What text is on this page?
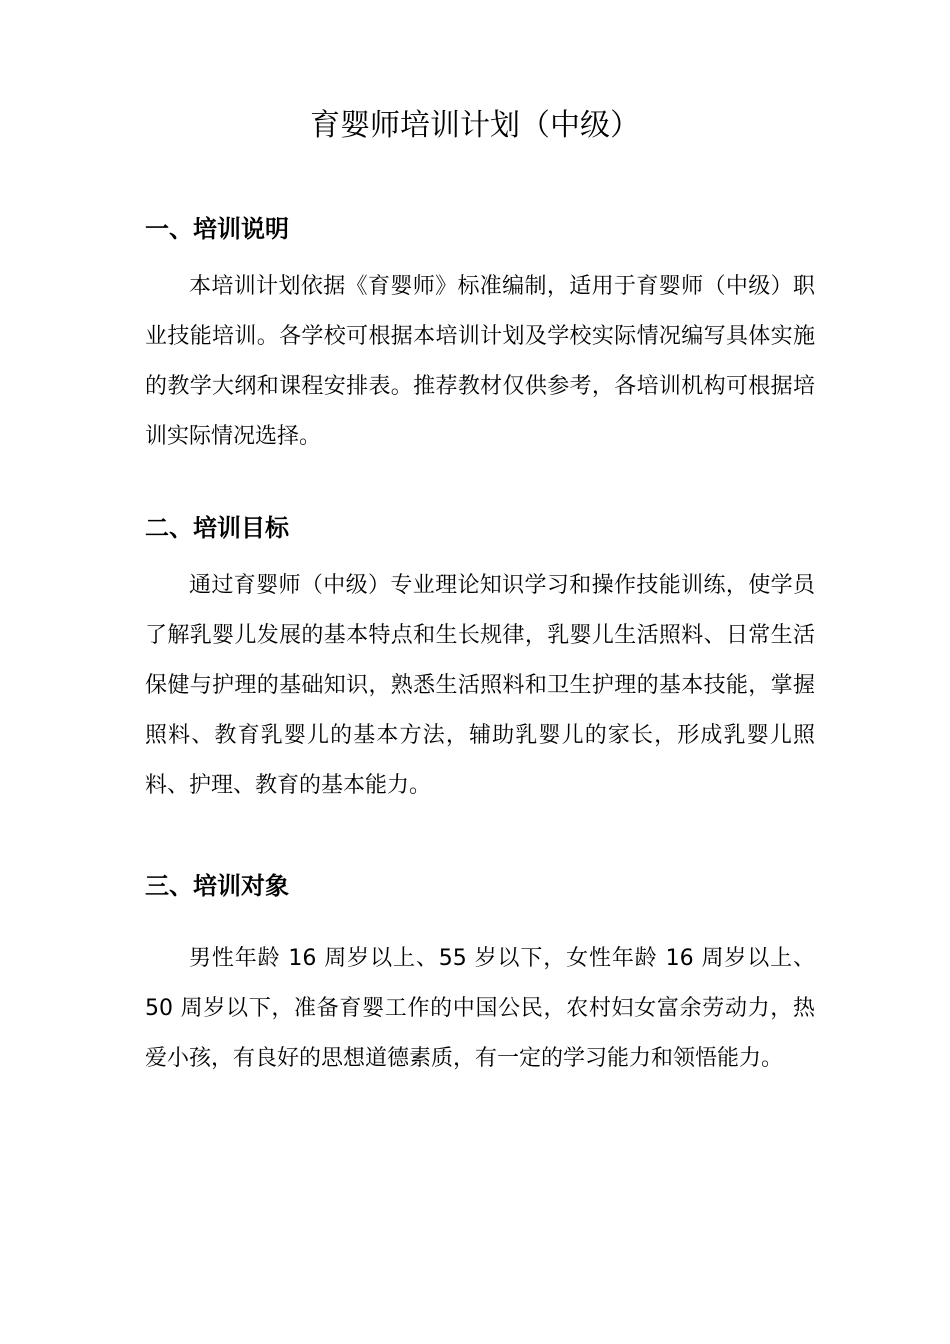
育婴师培训计划（中级）
一、培训说明

本培训计划依据《育婴师》标准编制，适用于育婴师（中级）职业技能培训。各学校可根据本培训计划及学校实际情况编写具体实施的教学大纲和课程安排表。推荐教材仅供参考，各培训机构可根据培训实际情况选择。

二、培训目标

通过育婴师（中级）专业理论知识学习和操作技能训练，使学员了解乳婴儿发展的基本特点和生长规律，乳婴儿生活照料、日常生活保健与护理的基础知识，熟悉生活照料和卫生护理的基本技能，掌握照料、教育乳婴儿的基本方法，辅助乳婴儿的家长，形成乳婴儿照料、护理、教育的基本能力。

三、培训对象

男性年龄 16 周岁以上、55 岁以下，女性年龄 16 周岁以上、50 周岁以下，准备育婴工作的中国公民，农村妇女富余劳动力，热爱小孩，有良好的思想道德素质，有一定的学习能力和领悟能力。
